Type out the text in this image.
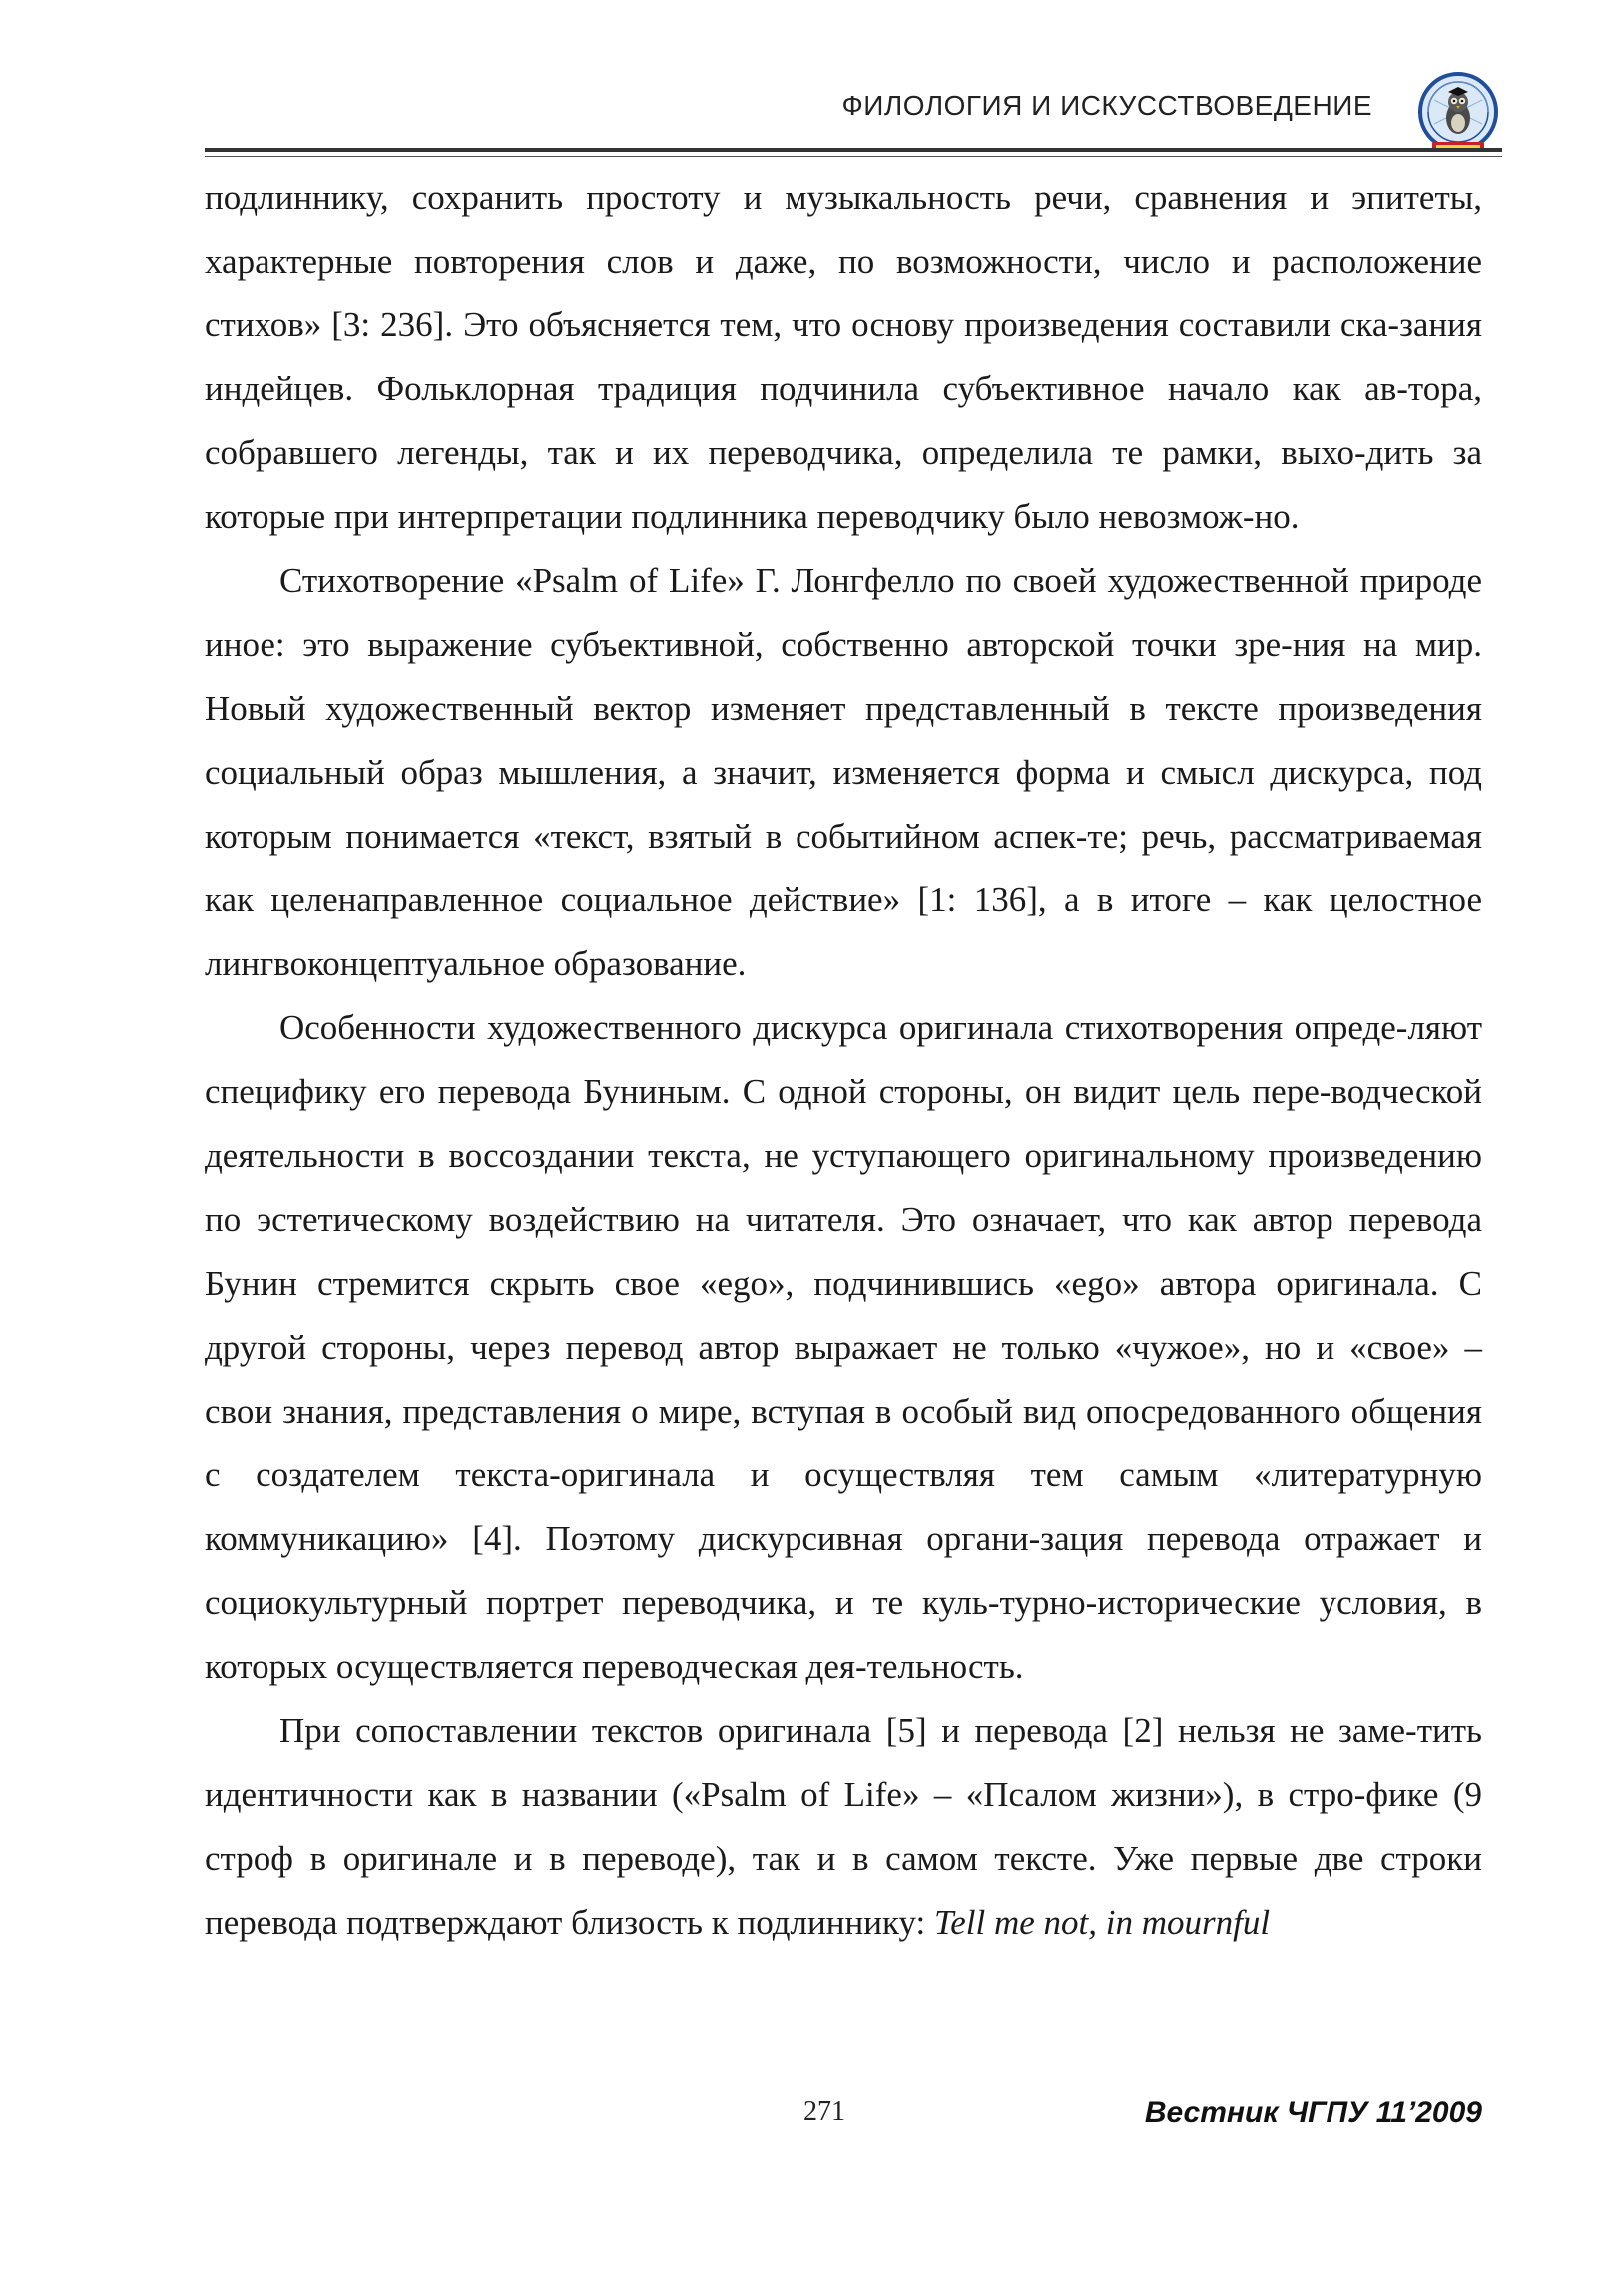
ФИЛОЛОГИЯ И ИСКУССТВОВЕДЕНИЕ

подлиннику, сохранить простоту и музыкальность речи, сравнения и эпитеты, характерные повторения слов и даже, по возможности, число и расположение стихов» [3: 236]. Это объясняется тем, что основу произведения составили ска-зания индейцев. Фольклорная традиция подчинила субъективное начало как ав-тора, собравшего легенды, так и их переводчика, определила те рамки, выхо-дить за которые при интерпретации подлинника переводчику было невозмож-но.

Стихотворение «Psalm of Life» Г. Лонгфелло по своей художественной природе иное: это выражение субъективной, собственно авторской точки зре-ния на мир. Новый художественный вектор изменяет представленный в тексте произведения социальный образ мышления, а значит, изменяется форма и смысл дискурса, под которым понимается «текст, взятый в событийном аспек-те; речь, рассматриваемая как целенаправленное социальное действие» [1: 136], а в итоге – как целостное лингвоконцептуальное образование.

Особенности художественного дискурса оригинала стихотворения опреде-ляют специфику его перевода Буниным. С одной стороны, он видит цель пере-водческой деятельности в воссоздании текста, не уступающего оригинальному произведению по эстетическому воздействию на читателя. Это означает, что как автор перевода Бунин стремится скрыть свое «ego», подчинившись «ego» автора оригинала. С другой стороны, через перевод автор выражает не только «чужое», но и «свое» – свои знания, представления о мире, вступая в особый вид опосредованного общения с создателем текста-оригинала и осуществляя тем самым «литературную коммуникацию» [4]. Поэтому дискурсивная органи-зация перевода отражает и социокультурный портрет переводчика, и те куль-турно-исторические условия, в которых осуществляется переводческая дея-тельность.

При сопоставлении текстов оригинала [5] и перевода [2] нельзя не заме-тить идентичности как в названии («Psalm of Life» – «Псалом жизни»), в стро-фике (9 строф в оригинале и в переводе), так и в самом тексте. Уже первые две строки перевода подтверждают близость к подлиннику: Tell me not, in mournful

271	Вестник ЧГПУ 11’2009
